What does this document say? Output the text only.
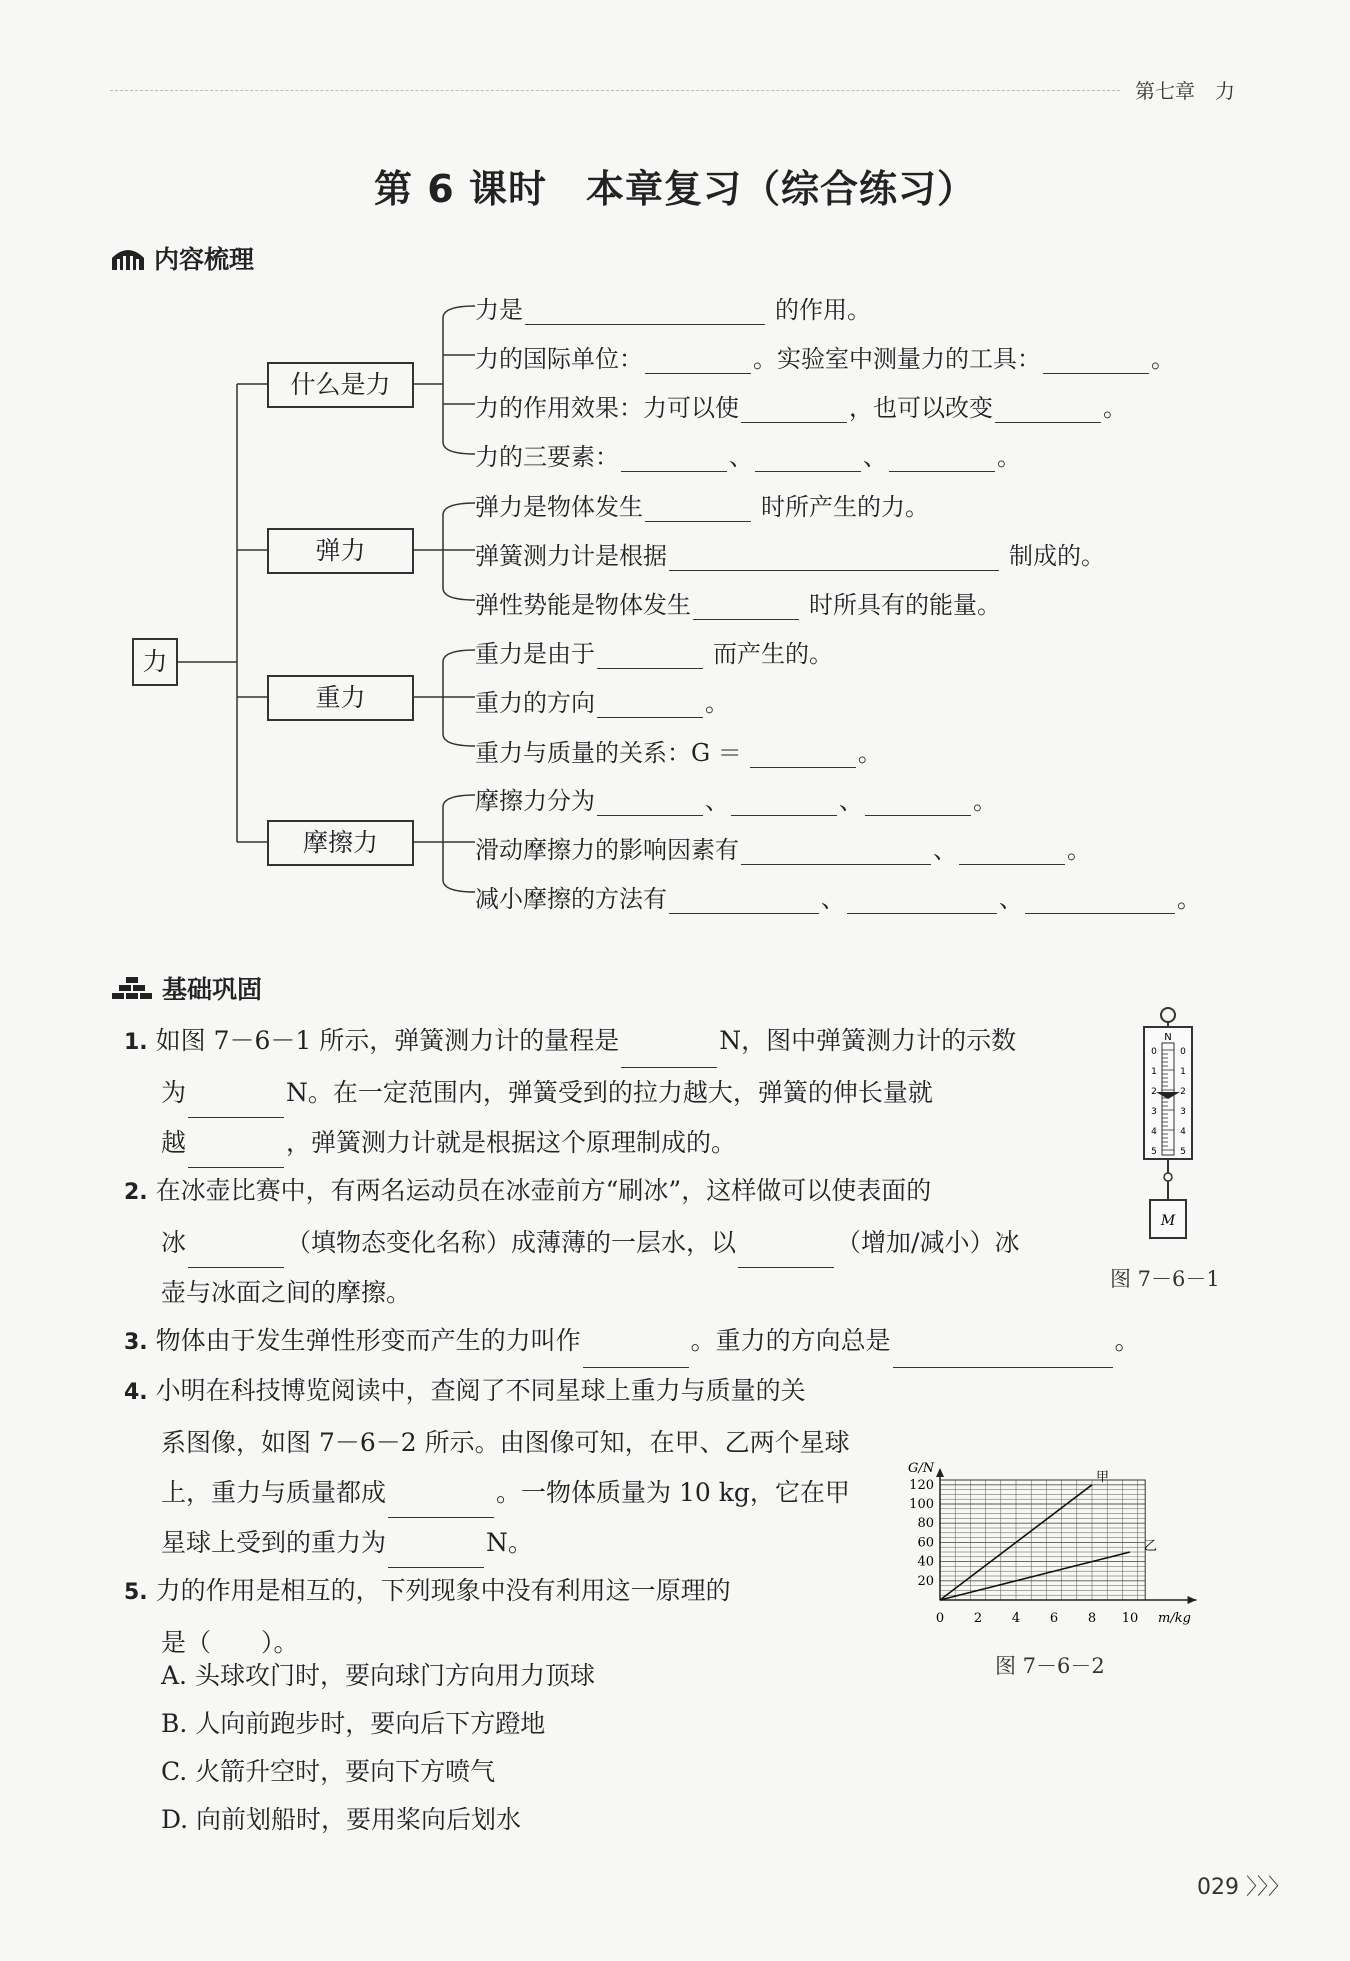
第七章　力
第 6 课时　本章复习（综合练习）
内容梳理
力
什么是力
弹力
重力
摩擦力
力是	的作用。
力的国际单位：	。实验室中测量力的工具：	。
力的作用效果：力可以使	，也可以改变	。
力的三要素：	、	、	。
弹力是物体发生	时所产生的力。
弹簧测力计是根据	制成的。
弹性势能是物体发生	时所具有的能量。
重力是由于	而产生的。
重力的方向	。
重力与质量的关系：G ＝	。
摩擦力分为	、	、	。
滑动摩擦力的影响因素有	、	。
减小摩擦的方法有	、	、	。
基础巩固
1. 如图 7－6－1 所示，弹簧测力计的量程是	N，图中弹簧测力计的示数
为	N。在一定范围内，弹簧受到的拉力越大，弹簧的伸长量就
越	，弹簧测力计就是根据这个原理制成的。
2. 在冰壶比赛中，有两名运动员在冰壶前方“刷冰”，这样做可以使表面的
冰	（填物态变化名称）成薄薄的一层水，以	（增加/减小）冰
壶与冰面之间的摩擦。
N
0	0
1	1
2	2
3	3
4	4
5	5
M
图 7－6－1
3. 物体由于发生弹性形变而产生的力叫作	。重力的方向总是	。
4. 小明在科技博览阅读中，查阅了不同星球上重力与质量的关
系图像，如图 7－6－2 所示。由图像可知，在甲、乙两个星球
上，重力与质量都成	。一物体质量为 10 kg，它在甲
星球上受到的重力为	N。
5. 力的作用是相互的，下列现象中没有利用这一原理的
是（　　）。
A. 头球攻门时，要向球门方向用力顶球
B. 人向前跑步时，要向后下方蹬地
C. 火箭升空时，要向下方喷气
D. 向前划船时，要用桨向后划水
0 2 4 6 8 10
20
40
60
80
100
120
m/kg
G/N
甲
乙
图 7－6－2
029 〉〉〉
